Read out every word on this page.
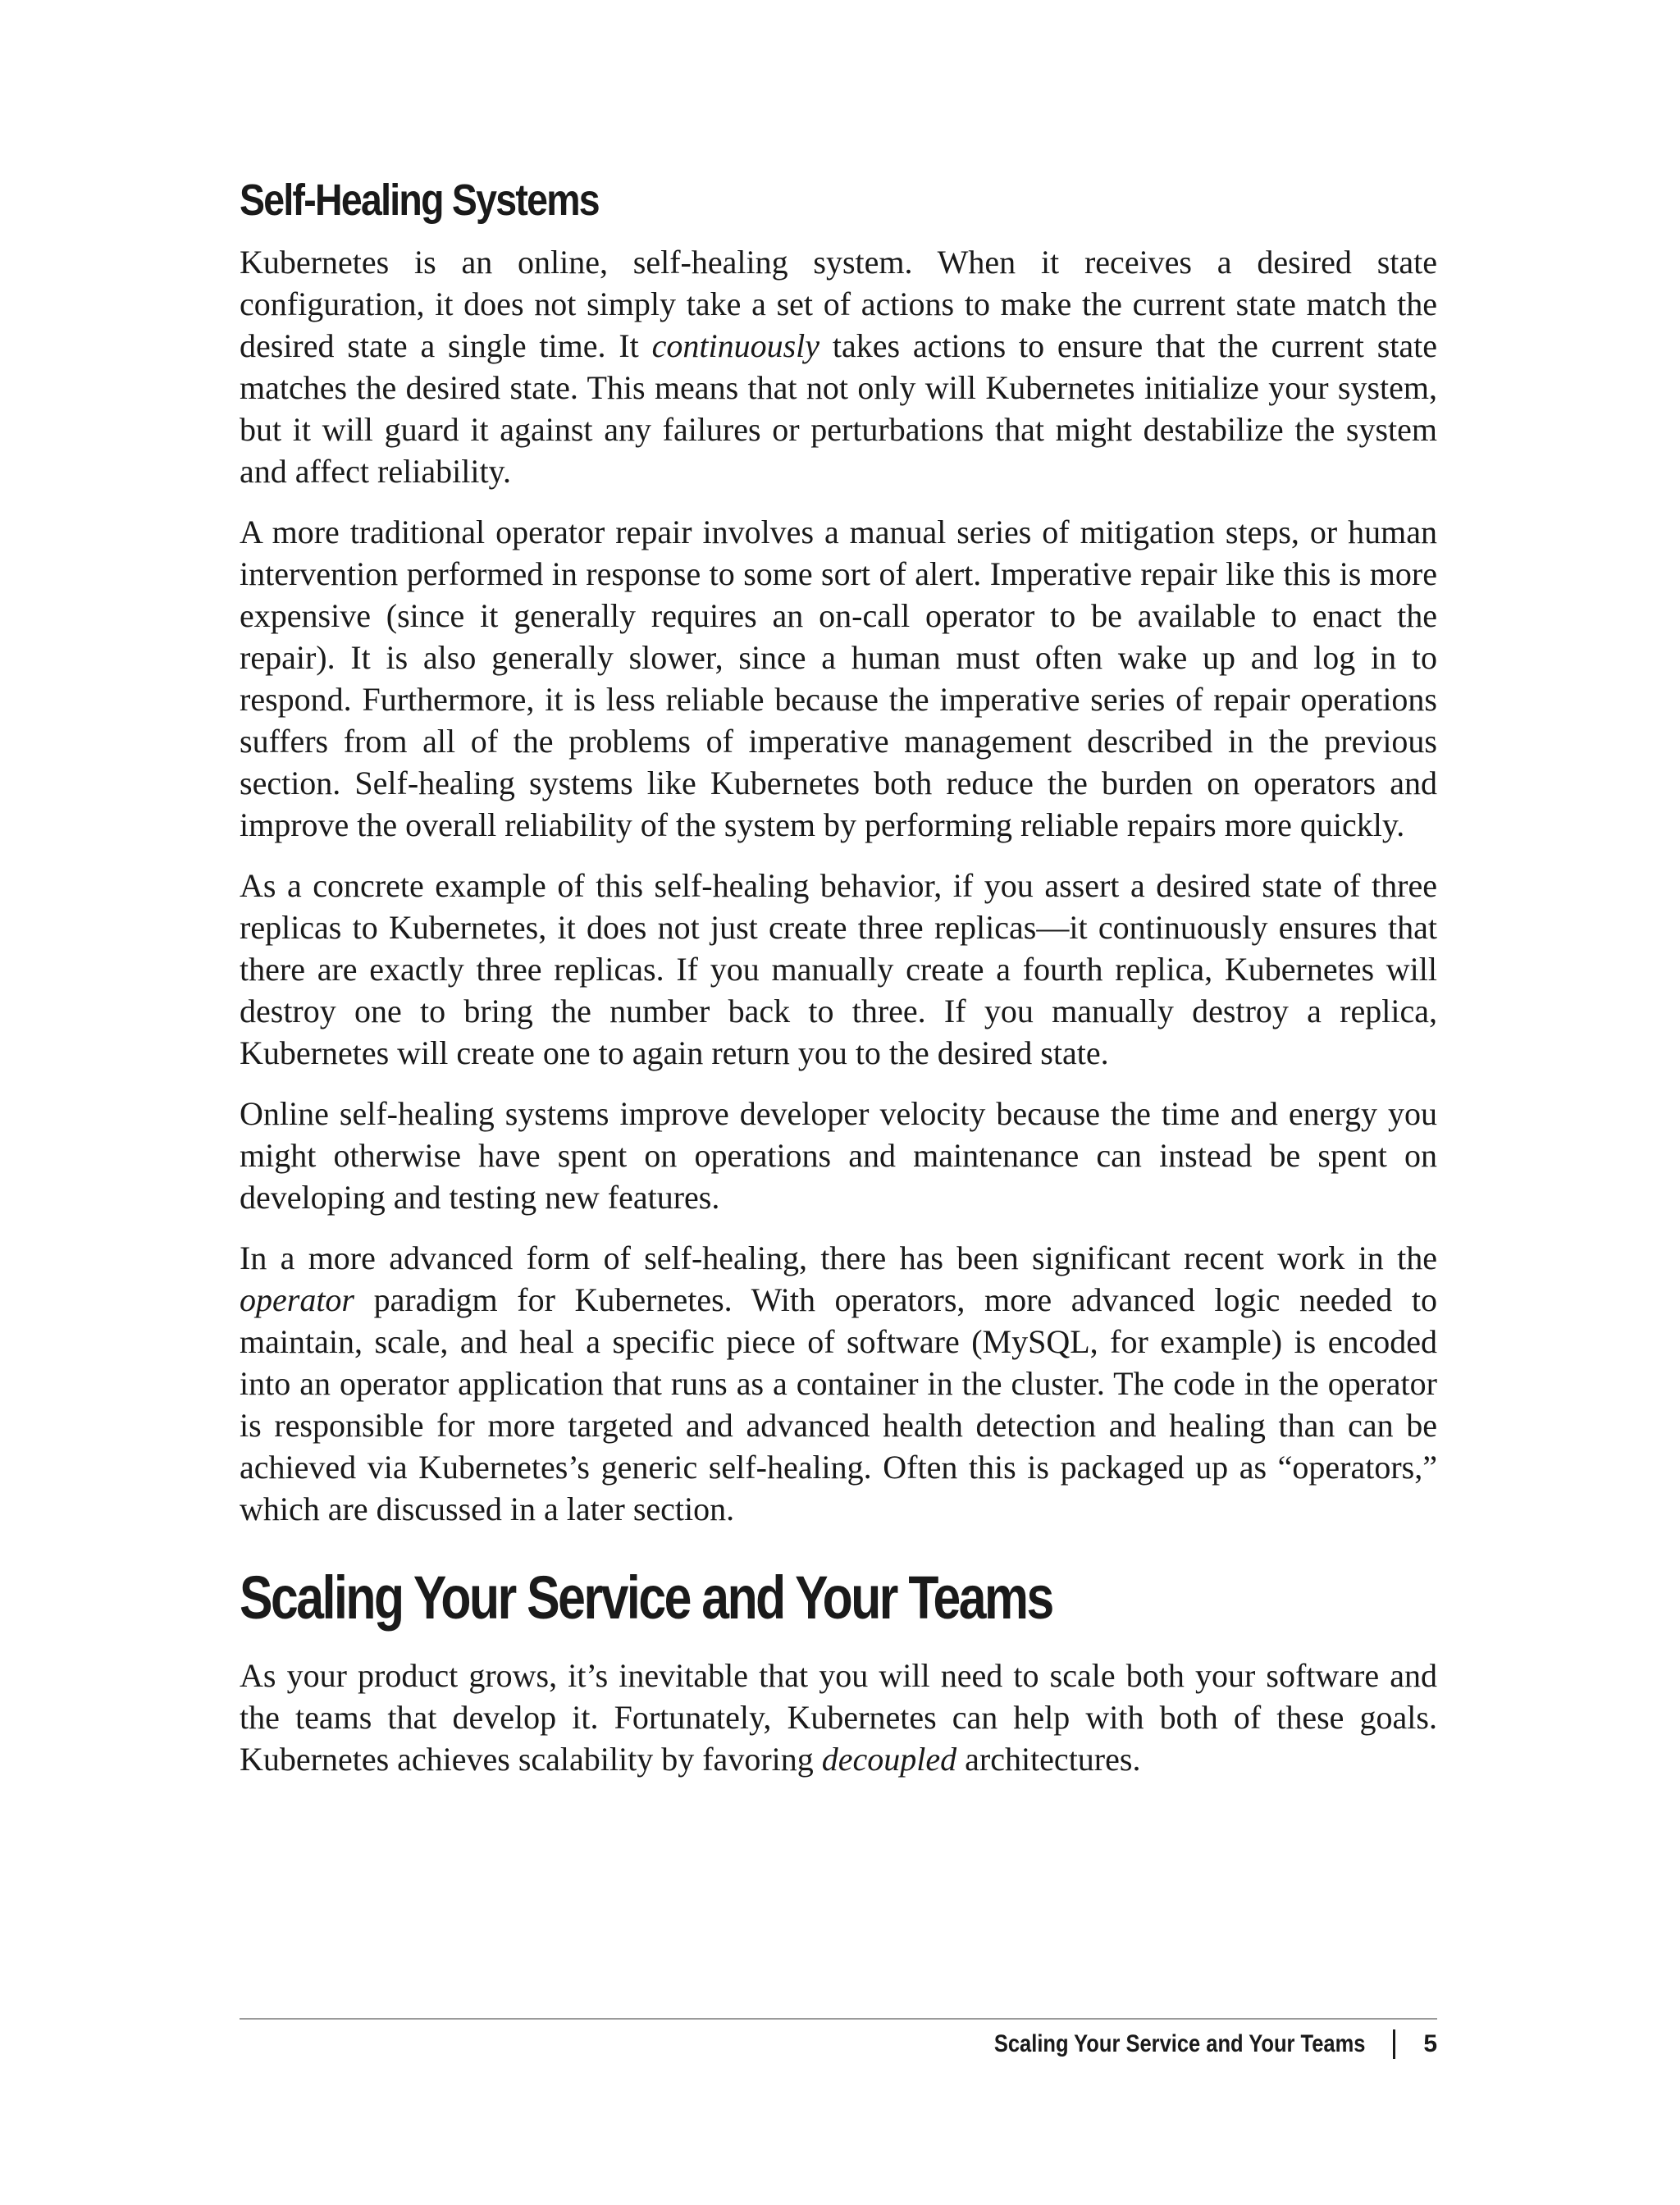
Self-Healing Systems

Kubernetes is an online, self-healing system. When it receives a desired state configuration, it does not simply take a set of actions to make the current state match the desired state a single time. It continuously takes actions to ensure that the current state matches the desired state. This means that not only will Kubernetes initialize your system, but it will guard it against any failures or perturbations that might destabilize the system and affect reliability.

A more traditional operator repair involves a manual series of mitigation steps, or human intervention performed in response to some sort of alert. Imperative repair like this is more expensive (since it generally requires an on-call operator to be available to enact the repair). It is also generally slower, since a human must often wake up and log in to respond. Furthermore, it is less reliable because the imperative series of repair operations suffers from all of the problems of imperative management described in the previous section. Self-healing systems like Kubernetes both reduce the burden on operators and improve the overall reliability of the system by performing reliable repairs more quickly.

As a concrete example of this self-healing behavior, if you assert a desired state of three replicas to Kubernetes, it does not just create three replicas—it continuously ensures that there are exactly three replicas. If you manually create a fourth replica, Kubernetes will destroy one to bring the number back to three. If you manually destroy a replica, Kubernetes will create one to again return you to the desired state.

Online self-healing systems improve developer velocity because the time and energy you might otherwise have spent on operations and maintenance can instead be spent on developing and testing new features.

In a more advanced form of self-healing, there has been significant recent work in the operator paradigm for Kubernetes. With operators, more advanced logic needed to maintain, scale, and heal a specific piece of software (MySQL, for example) is encoded into an operator application that runs as a container in the cluster. The code in the operator is responsible for more targeted and advanced health detection and healing than can be achieved via Kubernetes’s generic self-healing. Often this is packaged up as “operators,” which are discussed in a later section.

Scaling Your Service and Your Teams

As your product grows, it’s inevitable that you will need to scale both your software and the teams that develop it. Fortunately, Kubernetes can help with both of these goals. Kubernetes achieves scalability by favoring decoupled architectures.

Scaling Your Service and Your Teams 5
